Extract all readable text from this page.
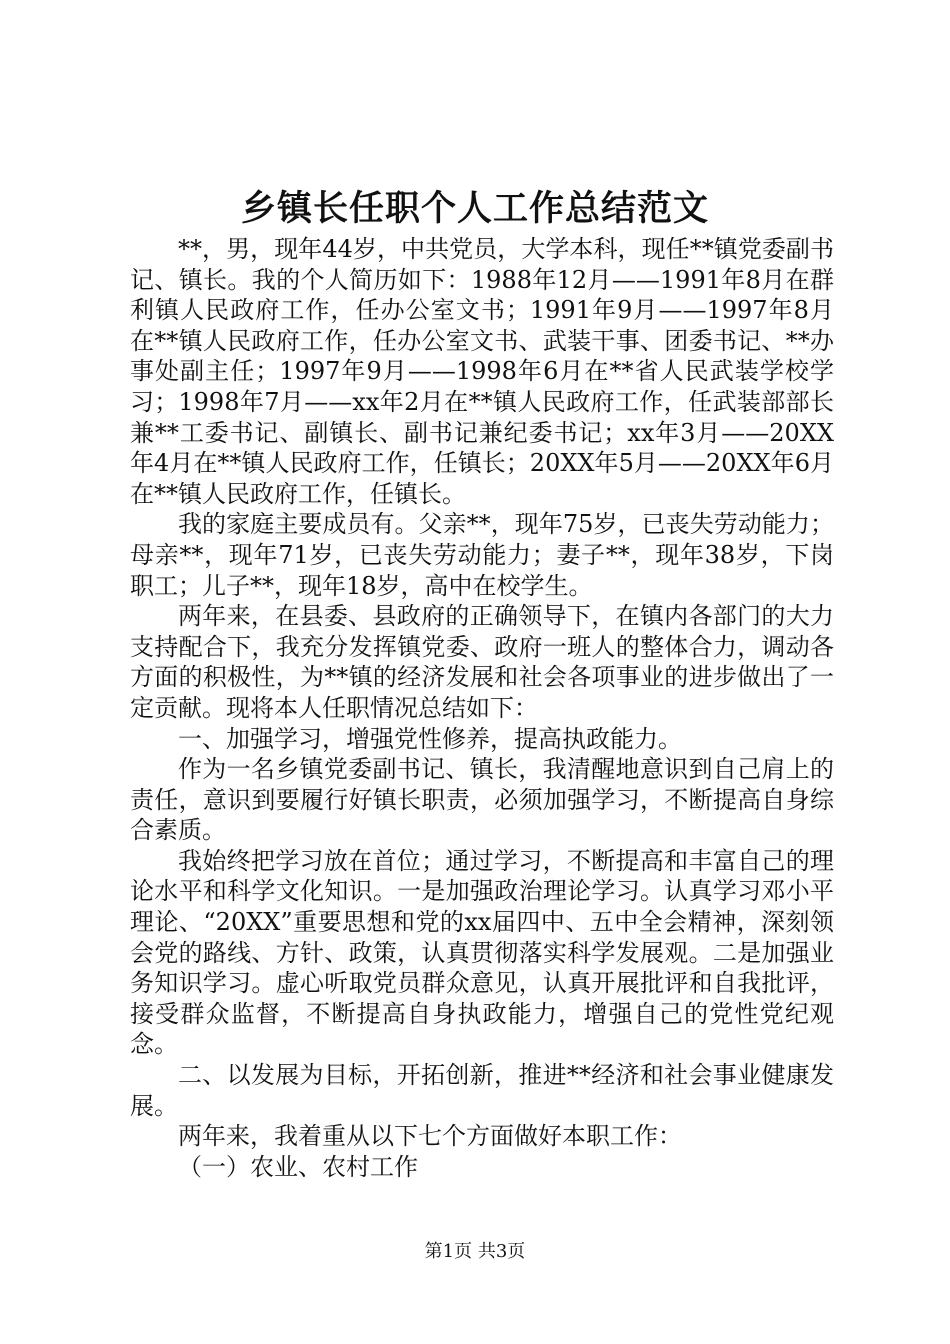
乡镇长任职个人工作总结范文

**，男，现年44岁，中共党员，大学本科，现任**镇党委副书记、镇长。我的个人简历如下：1988年12月——1991年8月在群利镇人民政府工作，任办公室文书；1991年9月——1997年8月在**镇人民政府工作，任办公室文书、武装干事、团委书记、**办事处副主任；1997年9月——1998年6月在**省人民武装学校学习；1998年7月——xx年2月在**镇人民政府工作，任武装部部长兼**工委书记、副镇长、副书记兼纪委书记；xx年3月——20XX年4月在**镇人民政府工作，任镇长；20XX年5月——20XX年6月在**镇人民政府工作，任镇长。

我的家庭主要成员有。父亲**，现年75岁，已丧失劳动能力；母亲**，现年71岁，已丧失劳动能力；妻子**，现年38岁，下岗职工；儿子**，现年18岁，高中在校学生。

两年来，在县委、县政府的正确领导下，在镇内各部门的大力支持配合下，我充分发挥镇党委、政府一班人的整体合力，调动各方面的积极性，为**镇的经济发展和社会各项事业的进步做出了一定贡献。现将本人任职情况总结如下：

一、加强学习，增强党性修养，提高执政能力。

作为一名乡镇党委副书记、镇长，我清醒地意识到自己肩上的责任，意识到要履行好镇长职责，必须加强学习，不断提高自身综合素质。

我始终把学习放在首位；通过学习，不断提高和丰富自己的理论水平和科学文化知识。一是加强政治理论学习。认真学习邓小平理论、“20XX”重要思想和党的xx届四中、五中全会精神，深刻领会党的路线、方针、政策，认真贯彻落实科学发展观。二是加强业务知识学习。虚心听取党员群众意见，认真开展批评和自我批评，接受群众监督，不断提高自身执政能力，增强自己的党性党纪观念。

二、以发展为目标，开拓创新，推进**经济和社会事业健康发展。

两年来，我着重从以下七个方面做好本职工作：

（一）农业、农村工作

第1页 共3页
